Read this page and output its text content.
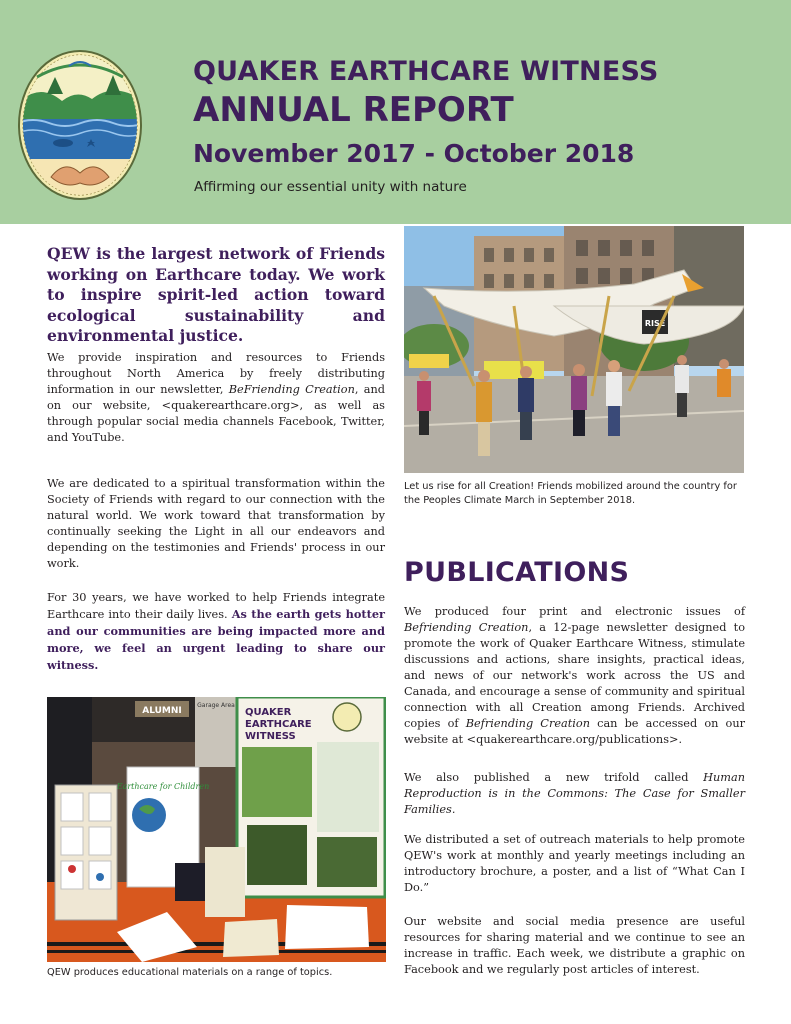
QUAKER EARTHCARE WITNESS
ANNUAL REPORT
November 2017 - October 2018
Affirming our essential unity with nature
QEW is the largest network of Friends working on Earthcare today. We work to inspire spirit-led action toward ecological sustainability and environmental justice.
We provide inspiration and resources to Friends throughout North America by freely distributing information in our newsletter, BeFriending Creation, and on our website, <quakerearthcare.org>, as well as through popular social media channels Facebook, Twitter, and YouTube.
We are dedicated to a spiritual transformation within the Society of Friends with regard to our connection with the natural world. We work toward that transformation by continually seeking the Light in all our endeavors and depending on the testimonies and Friends' process in our work.
For 30 years, we have worked to help Friends integrate Earthcare into their daily lives. As the earth gets hotter and our communities are being impacted more and more, we feel an urgent leading to share our witness.
RISE
Let us rise for all Creation! Friends mobilized around the country for the Peoples Climate March in September 2018.
ALUMNI
Garage Area
QUAKER
EARTHCARE
WITNESS
Earthcare for Children
QEW produces educational materials on a range of topics.
PUBLICATIONS
We produced four print and electronic issues of Befriending Creation, a 12-page newsletter designed to promote the work of Quaker Earthcare Witness, stimulate discussions and actions, share insights, practical ideas, and news of our network's work across the US and Canada, and encourage a sense of community and spiritual connection with all Creation among Friends. Archived copies of Befriending Creation can be accessed on our website at <quakerearthcare.org/publications>.
We also published a new trifold called Human Reproduction is in the Commons: The Case for Smaller Families.
We distributed a set of outreach materials to help promote QEW's work at monthly and yearly meetings including an introductory brochure, a poster, and a list of “What Can I Do.”
Our website and social media presence are useful resources for sharing material and we continue to see an increase in traffic. Each week, we distribute a graphic on Facebook and we regularly post articles of interest.
